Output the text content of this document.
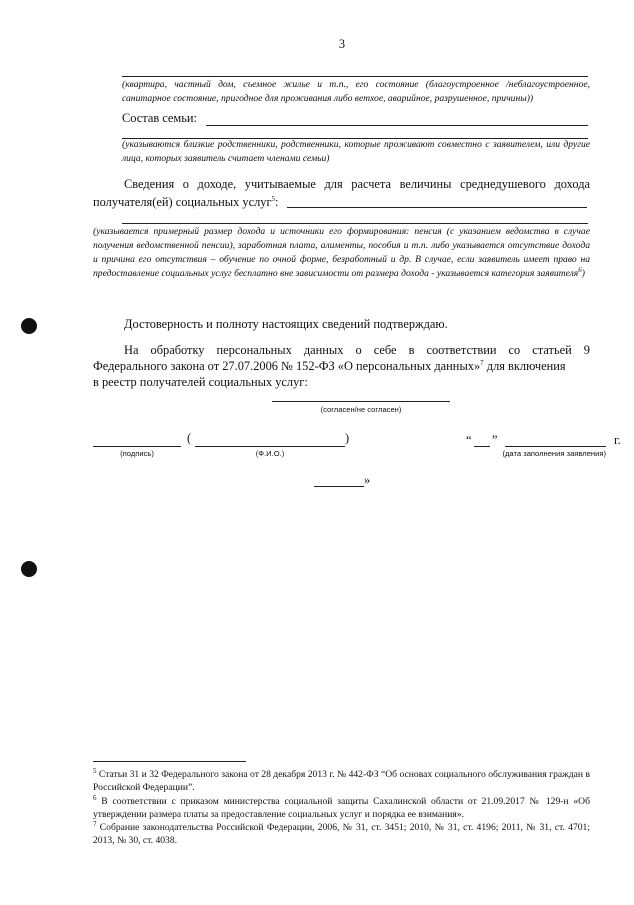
3
(квартира, частный дом, съемное жилье и т.п., его состояние (благоустроенное /неблагоустроенное, санитарное состояние, пригодное для проживания либо ветхое, аварийное, разрушенное, причины))
Состав семьи:
(указываются близкие родственники, родственники, которые проживают совместно с заявителем, или другие лица, которых заявитель считает членами семьи)
Сведения о доходе, учитываемые для расчета величины среднедушевого дохода
получателя(ей) социальных услуг$^5$:
(указывается примерный размер дохода и источники его формирования: пенсия (с указанием ведомства в случае получения ведомственной пенсии), заработная плата, алименты, пособия и т.п. либо указывается отсутствие дохода и причина его отсутствия – обучение по очной форме, безработный и др. В случае, если заявитель имеет право на предоставление социальных услуг бесплатно вне зависимости от размера дохода - указывается категория заявителя$^6$)
Достоверность и полноту настоящих сведений подтверждаю.
На обработку персональных данных о себе в соответствии со статьей 9
Федерального закона от 27.07.2006 № 152-ФЗ «О персональных данных»$^7$ для включения
в реестр получателей социальных услуг:
(согласен/не согласен)
(	)
(подпись)	(Ф.И.О.)
“ ”	г.
(дата заполнения заявления)
»
$^5$ Статьи 31 и 32 Федерального закона от 28 декабря 2013 г. № 442-ФЗ “Об основах социального обслуживания граждан в Российской Федерации”.
$^6$ В соответствии с приказом министерства социальной защиты Сахалинской области от 21.09.2017 № 129-н «Об утверждении размера платы за предоставление социальных услуг и порядка ее взимания».
$^7$ Собрание законодательства Российской Федерации, 2006, № 31, ст. 3451; 2010, № 31, ст. 4196; 2011, № 31, ст. 4701; 2013, № 30, ст. 4038.
